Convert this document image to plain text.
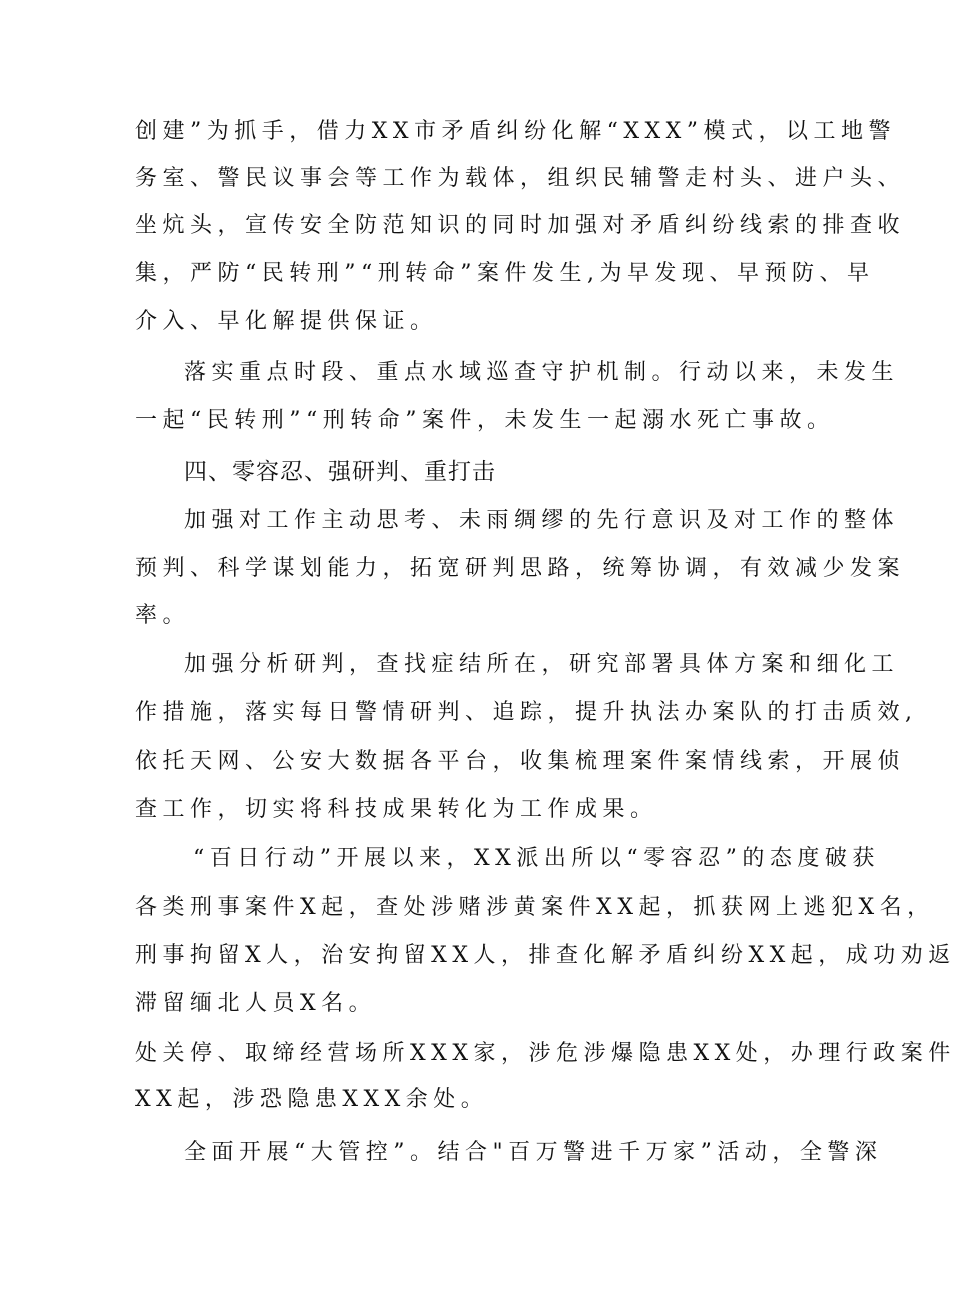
创建”为抓手，借力XX市矛盾纠纷化解“XXX”模式，以工地警
务室、警民议事会等工作为载体，组织民辅警走村头、进户头、
坐炕头，宣传安全防范知识的同时加强对矛盾纠纷线索的排查收
集，严防“民转刑”“刑转命”案件发生,为早发现、早预防、早
介入、早化解提供保证。
落实重点时段、重点水域巡查守护机制。行动以来，未发生
一起“民转刑”“刑转命”案件，未发生一起溺水死亡事故。
四、零容忍、强研判、重打击
加强对工作主动思考、未雨绸缪的先行意识及对工作的整体
预判、科学谋划能力，拓宽研判思路，统筹协调，有效减少发案
率。
加强分析研判，查找症结所在，研究部署具体方案和细化工
作措施，落实每日警情研判、追踪，提升执法办案队的打击质效,
依托天网、公安大数据各平台，收集梳理案件案情线索，开展侦
查工作，切实将科技成果转化为工作成果。
“百日行动”开展以来，XX派出所以“零容忍”的态度破获
各类刑事案件X起，查处涉赌涉黄案件XX起，抓获网上逃犯X名，
刑事拘留X人，治安拘留XX人，排查化解矛盾纠纷XX起，成功劝返
滞留缅北人员X名。
处关停、取缔经营场所XXX家，涉危涉爆隐患XX处，办理行政案件
XX起，涉恐隐患XXX余处。
全面开展“大管控”。结合"百万警进千万家”活动，全警深
